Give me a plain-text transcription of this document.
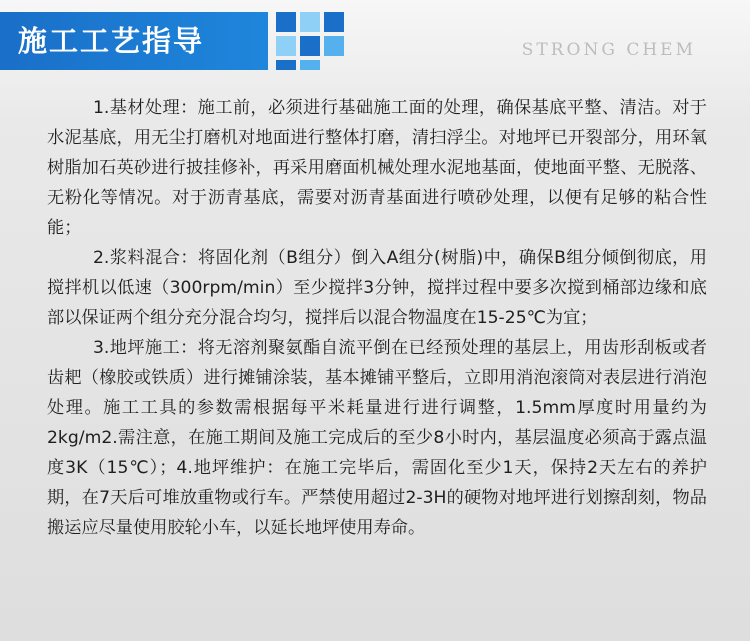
施工工艺指导	STRONG CHEM

1.基材处理：施工前，必须进行基础施工面的处理，确保基底平整、清洁。对于水泥基底，用无尘打磨机对地面进行整体打磨，清扫浮尘。对地坪已开裂部分，用环氧树脂加石英砂进行披挂修补，再采用磨面机械处理水泥地基面，使地面平整、无脱落、无粉化等情况。对于沥青基底，需要对沥青基面进行喷砂处理，以便有足够的粘合性能；

2.浆料混合：将固化剂（B组分）倒入A组分(树脂)中，确保B组分倾倒彻底，用搅拌机以低速（300rpm/min）至少搅拌3分钟，搅拌过程中要多次搅到桶部边缘和底部以保证两个组分充分混合均匀，搅拌后以混合物温度在15-25℃为宜；

3.地坪施工：将无溶剂聚氨酯自流平倒在已经预处理的基层上，用齿形刮板或者齿耙（橡胶或铁质）进行摊铺涂装，基本摊铺平整后，立即用消泡滚筒对表层进行消泡处理。施工工具的参数需根据每平米耗量进行进行调整，1.5mm厚度时用量约为2kg/m2.需注意，在施工期间及施工完成后的至少8小时内，基层温度必须高于露点温度3K（15℃）；4.地坪维护：在施工完毕后，需固化至少1天，保持2天左右的养护期，在7天后可堆放重物或行车。严禁使用超过2-3H的硬物对地坪进行划擦刮刻，物品搬运应尽量使用胶轮小车，以延长地坪使用寿命。
